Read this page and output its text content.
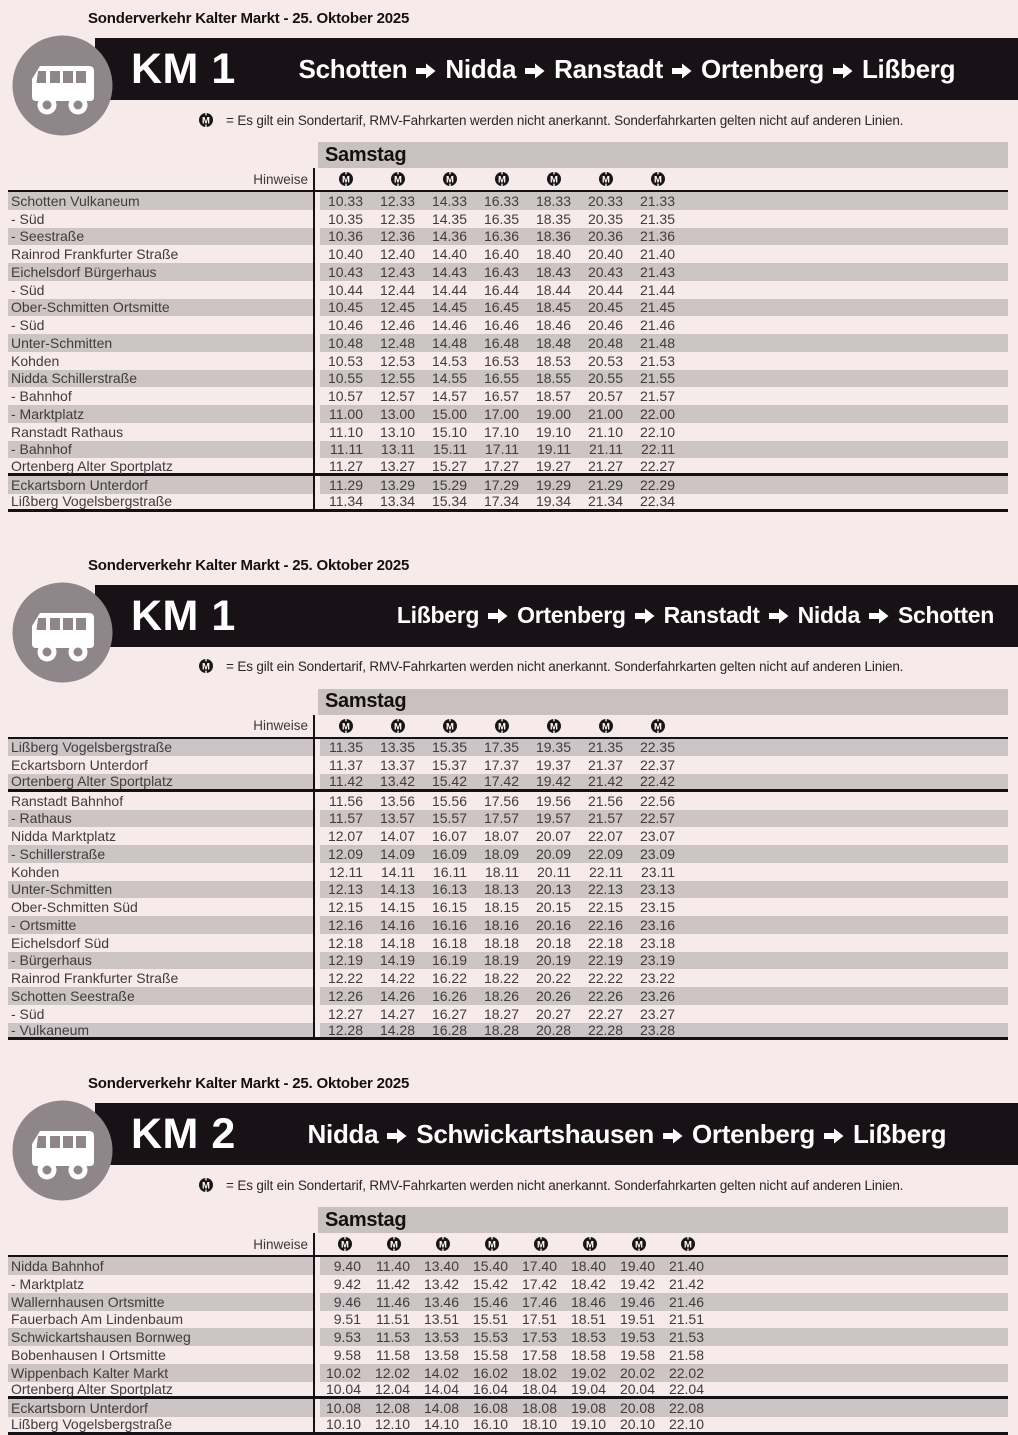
Sonderverkehr Kalter Markt - 25. Oktober 2025
KM 1	Schotten Nidda Ranstadt Ortenberg Lißberg
M = Es gilt ein Sondertarif, RMV-Fahrkarten werden nicht anerkannt. Sonderfahrkarten gelten nicht auf anderen Linien.
Samstag
Hinweise	M	M	M	M	M	M	M
Schotten Vulkaneum	10.33	12.33	14.33	16.33	18.33	20.33	21.33
- Süd	10.35	12.35	14.35	16.35	18.35	20.35	21.35
- Seestraße	10.36	12.36	14.36	16.36	18.36	20.36	21.36
Rainrod Frankfurter Straße	10.40	12.40	14.40	16.40	18.40	20.40	21.40
Eichelsdorf Bürgerhaus	10.43	12.43	14.43	16.43	18.43	20.43	21.43
- Süd	10.44	12.44	14.44	16.44	18.44	20.44	21.44
Ober-Schmitten Ortsmitte	10.45	12.45	14.45	16.45	18.45	20.45	21.45
- Süd	10.46	12.46	14.46	16.46	18.46	20.46	21.46
Unter-Schmitten	10.48	12.48	14.48	16.48	18.48	20.48	21.48
Kohden	10.53	12.53	14.53	16.53	18.53	20.53	21.53
Nidda Schillerstraße	10.55	12.55	14.55	16.55	18.55	20.55	21.55
- Bahnhof	10.57	12.57	14.57	16.57	18.57	20.57	21.57
- Marktplatz	11.00	13.00	15.00	17.00	19.00	21.00	22.00
Ranstadt Rathaus	11.10	13.10	15.10	17.10	19.10	21.10	22.10
- Bahnhof	11.11	13.11	15.11	17.11	19.11	21.11	22.11
Ortenberg Alter Sportplatz	11.27	13.27	15.27	17.27	19.27	21.27	22.27
Eckartsborn Unterdorf	11.29	13.29	15.29	17.29	19.29	21.29	22.29
Lißberg Vogelsbergstraße	11.34	13.34	15.34	17.34	19.34	21.34	22.34
Sonderverkehr Kalter Markt - 25. Oktober 2025
KM 1	Lißberg Ortenberg Ranstadt Nidda Schotten
M = Es gilt ein Sondertarif, RMV-Fahrkarten werden nicht anerkannt. Sonderfahrkarten gelten nicht auf anderen Linien.
Samstag
Hinweise	M	M	M	M	M	M	M
Lißberg Vogelsbergstraße	11.35	13.35	15.35	17.35	19.35	21.35	22.35
Eckartsborn Unterdorf	11.37	13.37	15.37	17.37	19.37	21.37	22.37
Ortenberg Alter Sportplatz	11.42	13.42	15.42	17.42	19.42	21.42	22.42
Ranstadt Bahnhof	11.56	13.56	15.56	17.56	19.56	21.56	22.56
- Rathaus	11.57	13.57	15.57	17.57	19.57	21.57	22.57
Nidda Marktplatz	12.07	14.07	16.07	18.07	20.07	22.07	23.07
- Schillerstraße	12.09	14.09	16.09	18.09	20.09	22.09	23.09
Kohden	12.11	14.11	16.11	18.11	20.11	22.11	23.11
Unter-Schmitten	12.13	14.13	16.13	18.13	20.13	22.13	23.13
Ober-Schmitten Süd	12.15	14.15	16.15	18.15	20.15	22.15	23.15
- Ortsmitte	12.16	14.16	16.16	18.16	20.16	22.16	23.16
Eichelsdorf Süd	12.18	14.18	16.18	18.18	20.18	22.18	23.18
- Bürgerhaus	12.19	14.19	16.19	18.19	20.19	22.19	23.19
Rainrod Frankfurter Straße	12.22	14.22	16.22	18.22	20.22	22.22	23.22
Schotten Seestraße	12.26	14.26	16.26	18.26	20.26	22.26	23.26
- Süd	12.27	14.27	16.27	18.27	20.27	22.27	23.27
- Vulkaneum	12.28	14.28	16.28	18.28	20.28	22.28	23.28
Sonderverkehr Kalter Markt - 25. Oktober 2025
KM 2	Nidda Schwickartshausen Ortenberg Lißberg
M = Es gilt ein Sondertarif, RMV-Fahrkarten werden nicht anerkannt. Sonderfahrkarten gelten nicht auf anderen Linien.
Samstag
Hinweise	M	M	M	M	M	M	M	M
Nidda Bahnhof	9.40	11.40 13.40 15.40 17.40 18.40 19.40 21.40
- Marktplatz	9.42	11.42 13.42 15.42 17.42 18.42 19.42 21.42
Wallernhausen Ortsmitte	9.46	11.46 13.46 15.46 17.46 18.46 19.46 21.46
Fauerbach Am Lindenbaum	9.51	11.51 13.51 15.51 17.51 18.51 19.51 21.51
Schwickartshausen Bornweg	9.53	11.53 13.53 15.53 17.53 18.53 19.53 21.53
Bobenhausen I Ortsmitte	9.58	11.58 13.58 15.58 17.58 18.58 19.58 21.58
Wippenbach Kalter Markt	10.02 12.02 14.02 16.02 18.02 19.02 20.02 22.02
Ortenberg Alter Sportplatz	10.04 12.04 14.04 16.04 18.04 19.04 20.04 22.04
Eckartsborn Unterdorf	10.08 12.08 14.08 16.08 18.08 19.08 20.08 22.08
Lißberg Vogelsbergstraße	10.10 12.10 14.10 16.10 18.10 19.10 20.10 22.10
